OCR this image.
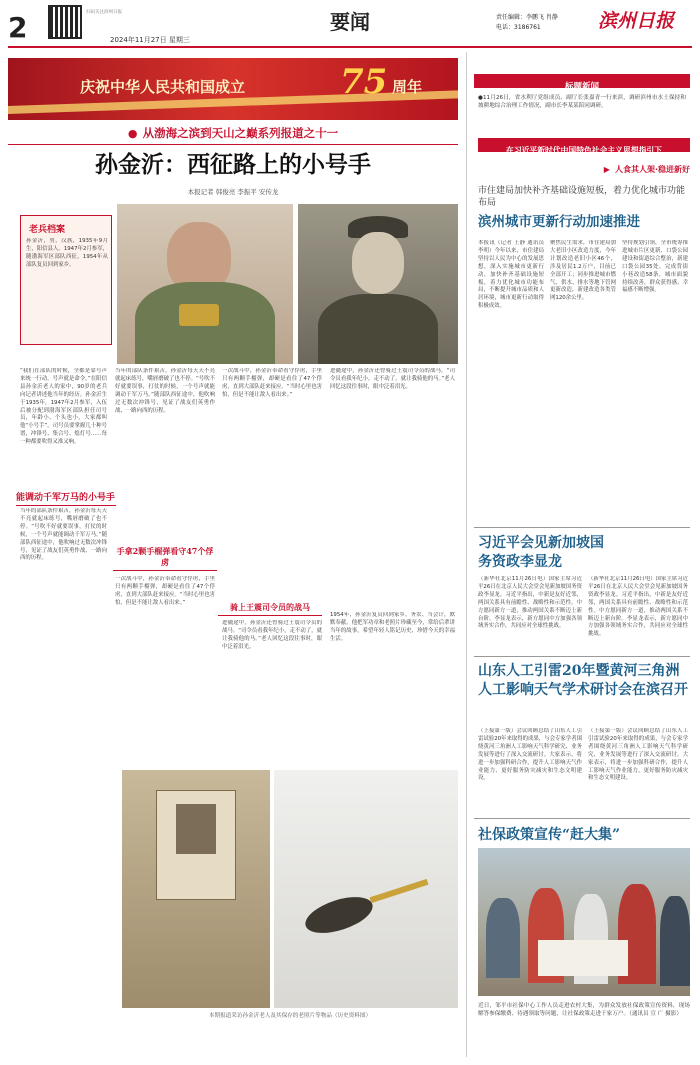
2	扫码关注滨州日报
2024年11月27日 星期三
要闻	责任编辑：李鹏飞 肖静
电话：3186761	滨州日报
庆祝中华人民共和国成立	75 周年
● 从渤海之滨到天山之巅系列报道之十一
孙金沂：西征路上的小号手
本报记者 韩俊亮 李振平 安传龙
老兵档案
孙金沂，男，汉族，1935年9月生，阳信县人。1947年2月参军，随渤海军区部队西征，1954年从部队复员回到家乡。
“我们在部队的时候，全都是靠号声来统一行动，号声就是命令。”在阳信县孙金沂老人的家中，90岁的老兵向记者讲述他当年的经历。孙金沂生于1935年，1947年2月参军，入伍后被分配到渤海军区部队担任司号员，年龄小、个头也小，大家都叫他“小号手”。司号员要掌握几十种号谱，冲锋号、集合号、熄灯号……每一种都要吹得又准又响。
能调动千军万马的小号手
当年的部队条件艰苦，孙金沂每天天不亮就起床练号，嘴唇磨破了也不停。“号吹不好就要误事，打仗的时候，一个号声就能调动千军万马。”随部队西征途中，他吹响过无数次冲锋号，见证了战友们英勇作战、一路向西的历程。
当年的部队条件艰苦，孙金沂每天天不亮就起床练号，嘴唇磨破了也不停。“号吹不好就要误事，打仗的时候，一个号声就能调动千军万马。”随部队西征途中，他吹响过无数次冲锋号，见证了战友们英勇作战、一路向西的历程。
手拿2颗手榴弹看守47个俘虏
一次战斗中，孙金沂奉命看守俘虏，手里只有两颗手榴弹，却硬是看住了47个俘虏，直到大部队赶来接应。“当时心里也害怕，但是不能让敌人看出来。”
一次战斗中，孙金沂奉命看守俘虏，手里只有两颗手榴弹，却硬是看住了47个俘虏，直到大部队赶来接应。“当时心里也害怕，但是不能让敌人看出来。”
骑上王震司令员的战马
进疆途中，孙金沂还曾骑过王震司令员的战马。“司令员看我年纪小，走不动了，就让我骑他的马。”老人回忆这段往事时，眼中泛着泪光。
进疆途中，孙金沂还曾骑过王震司令员的战马。“司令员看我年纪小，走不动了，就让我骑他的马。”老人回忆这段往事时，眼中泛着泪光。
1954年，孙金沂复员回到家乡，务农、当会计，默默奉献。他把军功章和老照片珍藏至今，常给后辈讲当年的故事，希望年轻人铭记历史、珍惜今天的幸福生活。
本期报道采访孙金沂老人及其保存的老照片等物品（历史资料图）
标题新闻
●11月26日，省水利厅党组成员、副厅长张嘉青一行来滨，调研滨州市水土保持和坡耕地综合治理工作情况，副市长李某某陪同调研。
在习近平新时代中国特色社会主义思想指引下
▶ 人食其人架·稳进新好
市住建局加快补齐基础设施短板，着力优化城市功能布局
滨州城市更新行动加速推进
本报讯（记者 王静 通讯员 李明）今年以来，市住建局坚持以人民为中心的发展思想，深入实施城市更新行动，加快补齐基础设施短板，着力优化城市功能布局，不断提升城市品质和人居环境，城市更新行动取得积极成效。
聚焦民生需求，市住建局加大老旧小区改造力度，今年计划改造老旧小区46个，涉及居民1.2万户，目前已全部开工；同步推进城市燃气、供水、排水等地下管网更新改造，新建改造各类管网120余公里。
坚持规划引领，全市统筹推进城市片区更新、口袋公园建设和街道综合整治，新建口袋公园35处，完成背街小巷改造58条，城市面貌持续改善，群众获得感、幸福感不断增强。
习近平会见新加坡国务资政李显龙
（新华社北京11月26日电）国家主席习近平26日在北京人民大会堂会见新加坡国务资政李显龙。习近平指出，中新是友好近邻，两国关系具有前瞻性、战略性和示范性。中方愿同新方一道，推动两国关系不断迈上新台阶。李显龙表示，新方愿同中方加强各领域务实合作，共同应对全球性挑战。
（新华社北京11月26日电）国家主席习近平26日在北京人民大会堂会见新加坡国务资政李显龙。习近平指出，中新是友好近邻，两国关系具有前瞻性、战略性和示范性。中方愿同新方一道，推动两国关系不断迈上新台阶。李显龙表示，新方愿同中方加强各领域务实合作，共同应对全球性挑战。
山东人工引雷20年暨黄河三角洲人工影响天气学术研讨会在滨召开
（上接第一版）会议回顾总结了山东人工引雷试验20年来取得的成果，与会专家学者围绕黄河三角洲人工影响天气科学研究、业务发展等进行了深入交流研讨。大家表示，将进一步加强科研合作，提升人工影响天气作业能力，更好服务防灾减灾和生态文明建设。
（上接第一版）会议回顾总结了山东人工引雷试验20年来取得的成果，与会专家学者围绕黄河三角洲人工影响天气科学研究、业务发展等进行了深入交流研讨。大家表示，将进一步加强科研合作，提升人工影响天气作业能力，更好服务防灾减灾和生态文明建设。
社保政策宣传“赶大集”
近日，邹平市社保中心工作人员走进农村大集，为群众发放社保政策宣传资料，现场解答参保缴费、待遇领取等问题，让社保政策走进千家万户。（通讯员 宣 广 摄影）
